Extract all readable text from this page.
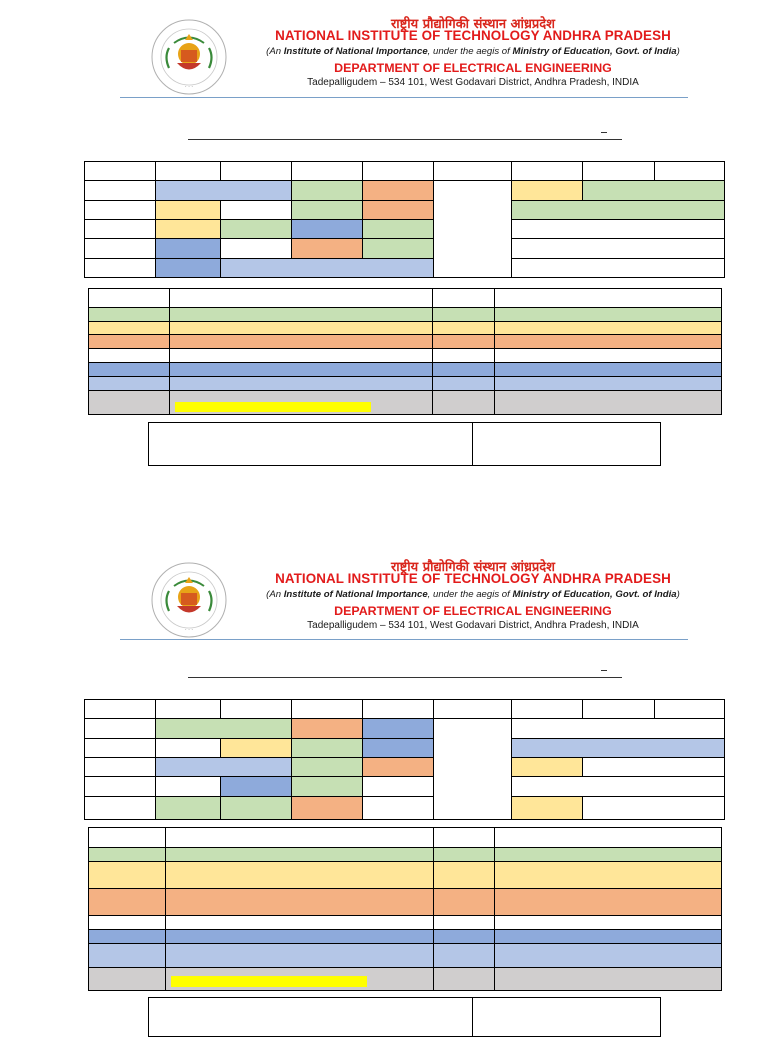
· · ·
राष्ट्रीय प्रौद्योगिकी संस्थान आंध्रप्रदेश
NATIONAL INSTITUTE OF TECHNOLOGY ANDHRA PRADESH
(An Institute of National Importance, under the aegis of Ministry of Education, Govt. of India)
DEPARTMENT OF ELECTRICAL ENGINEERING
Tadepalligudem – 534 101, West Godavari District, Andhra Pradesh, INDIA

· · ·
राष्ट्रीय प्रौद्योगिकी संस्थान आंध्रप्रदेश
NATIONAL INSTITUTE OF TECHNOLOGY ANDHRA PRADESH
(An Institute of National Importance, under the aegis of Ministry of Education, Govt. of India)
DEPARTMENT OF ELECTRICAL ENGINEERING
Tadepalligudem – 534 101, West Godavari District, Andhra Pradesh, INDIA
